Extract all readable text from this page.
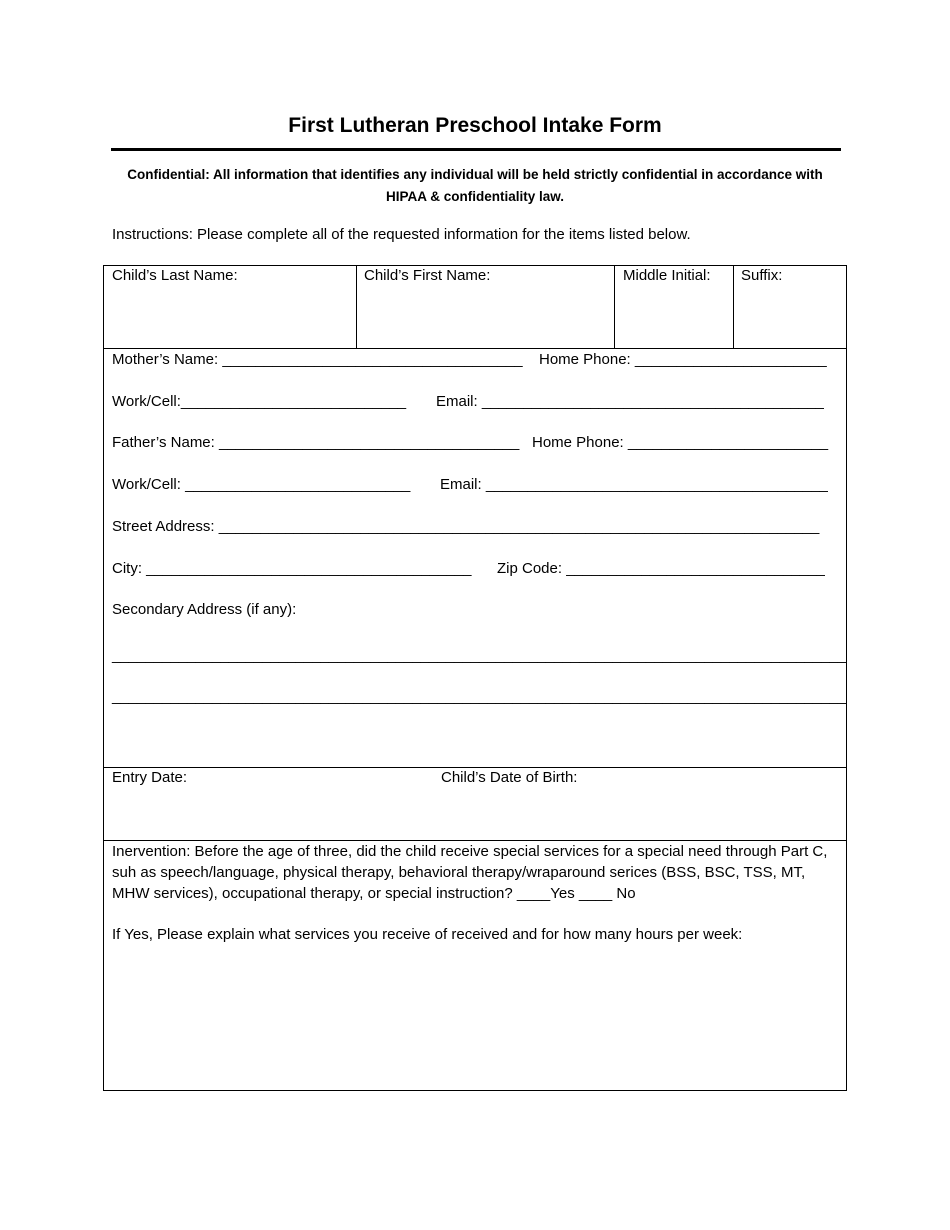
First Lutheran Preschool Intake Form
Confidential: All information that identifies any individual will be held strictly confidential in accordance with HIPAA & confidentiality law.
Instructions: Please complete all of the requested information for the items listed below.
Child’s Last Name:	Child’s First Name:	Middle Initial: Suffix:
Mother’s Name: ____________________________________ Home Phone: _______________________
Work/Cell:___________________________ Email: _________________________________________
Father’s Name: ____________________________________ Home Phone: ________________________
Work/Cell: ___________________________ Email: _________________________________________
Street Address: ________________________________________________________________________
City: _______________________________________ Zip Code: _______________________________
Secondary Address (if any):
________________________________________________________________________________________
________________________________________________________________________________________
Entry Date:	Child’s Date of Birth:
Inervention: Before the age of three, did the child receive special services for a special need through Part C, suh as speech/language, physical therapy, behavioral therapy/wraparound serices (BSS, BSC, TSS, MT, MHW services), occupational therapy, or special instruction? ____Yes ____ No
If Yes, Please explain what services you receive of received and for how many hours per week:
